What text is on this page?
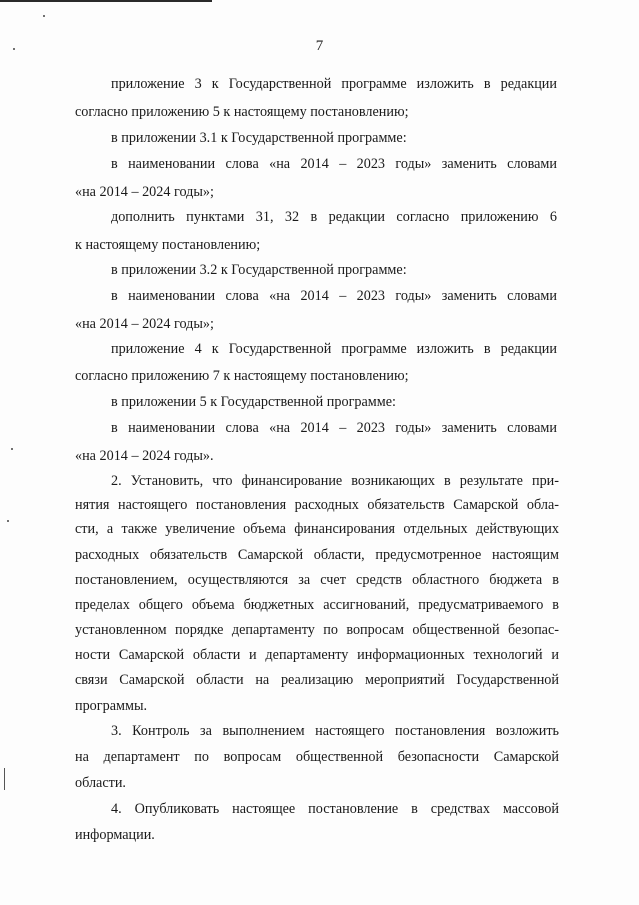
7
приложение 3 к Государственной программе изложить в редакции
согласно приложению 5 к настоящему постановлению;
в приложении 3.1 к Государственной программе:
в наименовании слова «на 2014 – 2023 годы» заменить словами
«на 2014 – 2024 годы»;
дополнить пунктами 31, 32 в редакции согласно приложению 6
к настоящему постановлению;
в приложении 3.2 к Государственной программе:
в наименовании слова «на 2014 – 2023 годы» заменить словами
«на 2014 – 2024 годы»;
приложение 4 к Государственной программе изложить в редакции
согласно приложению 7 к настоящему постановлению;
в приложении 5 к Государственной программе:
в наименовании слова «на 2014 – 2023 годы» заменить словами
«на 2014 – 2024 годы».
2. Установить, что финансирование возникающих в результате при-
нятия настоящего постановления расходных обязательств Самарской обла-
сти, а также увеличение объема финансирования отдельных действующих
расходных обязательств Самарской области, предусмотренное настоящим
постановлением, осуществляются за счет средств областного бюджета в
пределах общего объема бюджетных ассигнований, предусматриваемого в
установленном порядке департаменту по вопросам общественной безопас-
ности Самарской области и департаменту информационных технологий и
связи Самарской области на реализацию мероприятий Государственной
программы.
3. Контроль за выполнением настоящего постановления возложить
на департамент по вопросам общественной безопасности Самарской
области.
4. Опубликовать настоящее постановление в средствах массовой
информации.
